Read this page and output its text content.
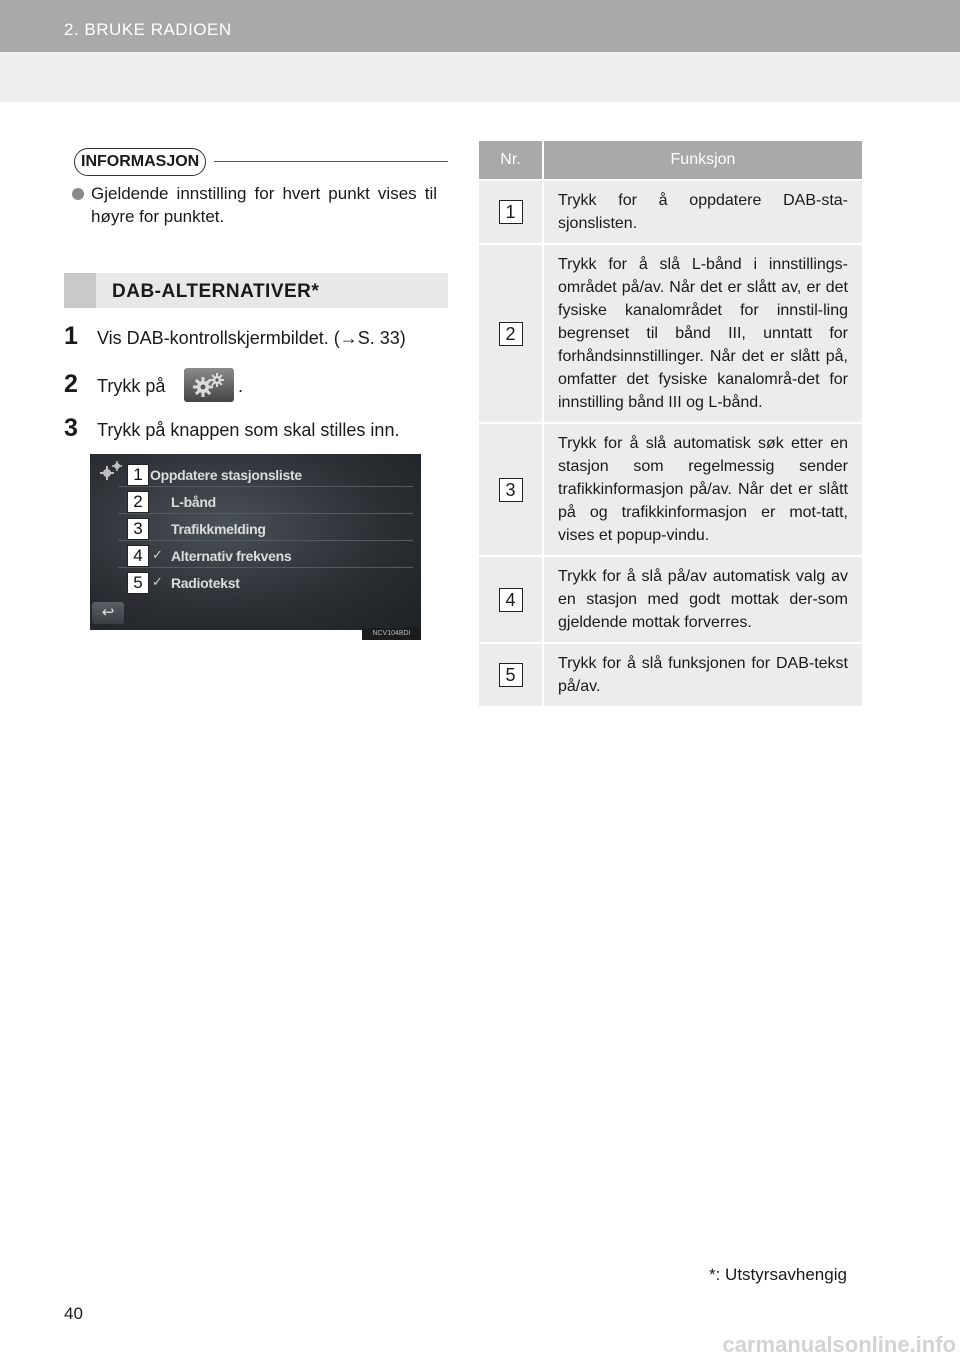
2. BRUKE RADIOEN
INFORMASJON
Gjeldende innstilling for hvert punkt vises til høyre for punktet.
DAB-ALTERNATIVER*
1 Vis DAB-kontrollskjermbildet. (→S. 33)
2 Trykk på	.
3 Trykk på knappen som skal stilles inn.
1 Oppdatere stasjonsliste
2	L-bånd
3	Trafikkmelding
4 ✓ Alternativ frekvens
5 ✓ Radiotekst
↩
NCV104BDI
Nr.	Funksjon

1	Trykk for å oppdatere DAB-sta-sjonslisten.

2	Trykk for å slå L-bånd i innstillings-området på/av. Når det er slått av, er det fysiske kanalområdet for innstil-ling begrenset til bånd III, unntatt for forhåndsinnstillinger. Når det er slått på, omfatter det fysiske kanalområ-det for innstilling bånd III og L-bånd.

3	Trykk for å slå automatisk søk etter en stasjon som regelmessig sender trafikkinformasjon på/av. Når det er slått på og trafikkinformasjon er mot-tatt, vises et popup-vindu.

4	Trykk for å slå på/av automatisk valg av en stasjon med godt mottak der-som gjeldende mottak forverres.

5	Trykk for å slå funksjonen for DAB-tekst på/av.
*: Utstyrsavhengig
40
carmanualsonline.info
